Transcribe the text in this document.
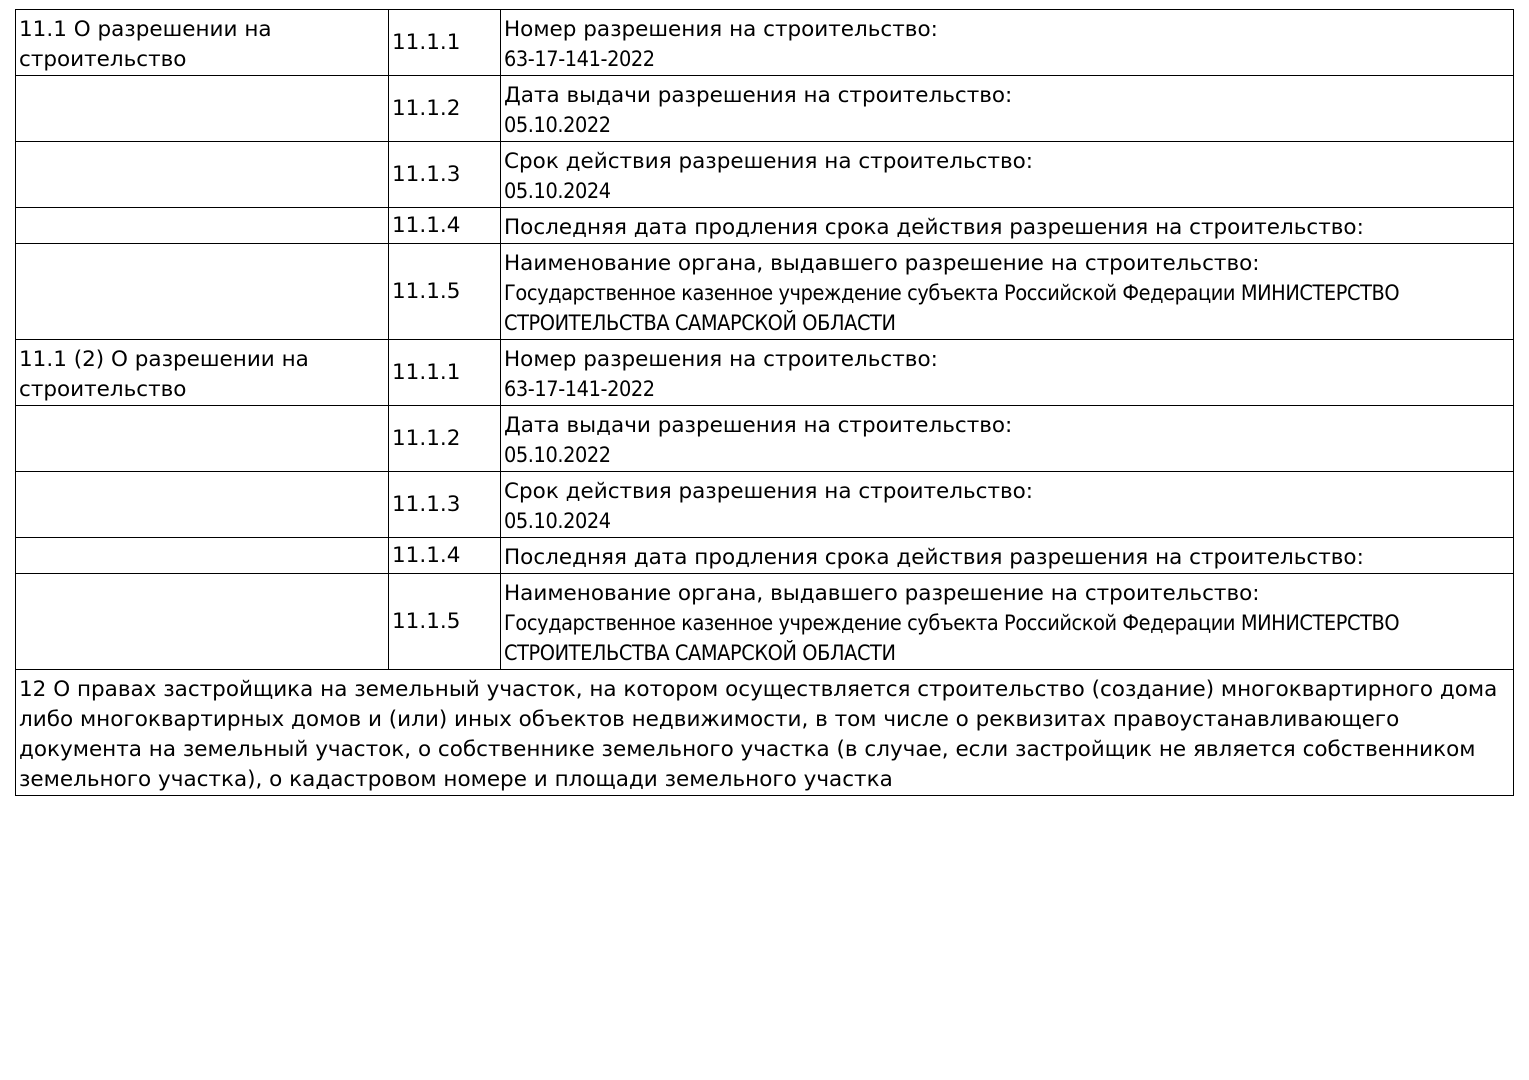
11.1 О разрешении на строительство	11.1.1	Номер разрешения на строительство:
63-17-141-2022

	11.1.2	Дата выдачи разрешения на строительство:
05.10.2022

	11.1.3	Срок действия разрешения на строительство:
05.10.2024

	11.1.4	Последняя дата продления срока действия разрешения на строительство:

	11.1.5	Наименование органа, выдавшего разрешение на строительство:
Государственное казенное учреждение субъекта Российской Федерации МИНИСТЕРСТВО СТРОИТЕЛЬСТВА САМАРСКОЙ ОБЛАСТИ

11.1 (2) О разрешении на строительство	11.1.1	Номер разрешения на строительство:
63-17-141-2022

	11.1.2	Дата выдачи разрешения на строительство:
05.10.2022

	11.1.3	Срок действия разрешения на строительство:
05.10.2024

	11.1.4	Последняя дата продления срока действия разрешения на строительство:

	11.1.5	Наименование органа, выдавшего разрешение на строительство:
Государственное казенное учреждение субъекта Российской Федерации МИНИСТЕРСТВО СТРОИТЕЛЬСТВА САМАРСКОЙ ОБЛАСТИ

12 О правах застройщика на земельный участок, на котором осуществляется строительство (создание) многоквартирного дома либо многоквартирных домов и (или) иных объектов недвижимости, в том числе о реквизитах правоустанавливающего документа на земельный участок, о собственнике земельного участка (в случае, если застройщик не является собственником земельного участка), о кадастровом номере и площади земельного участка		
